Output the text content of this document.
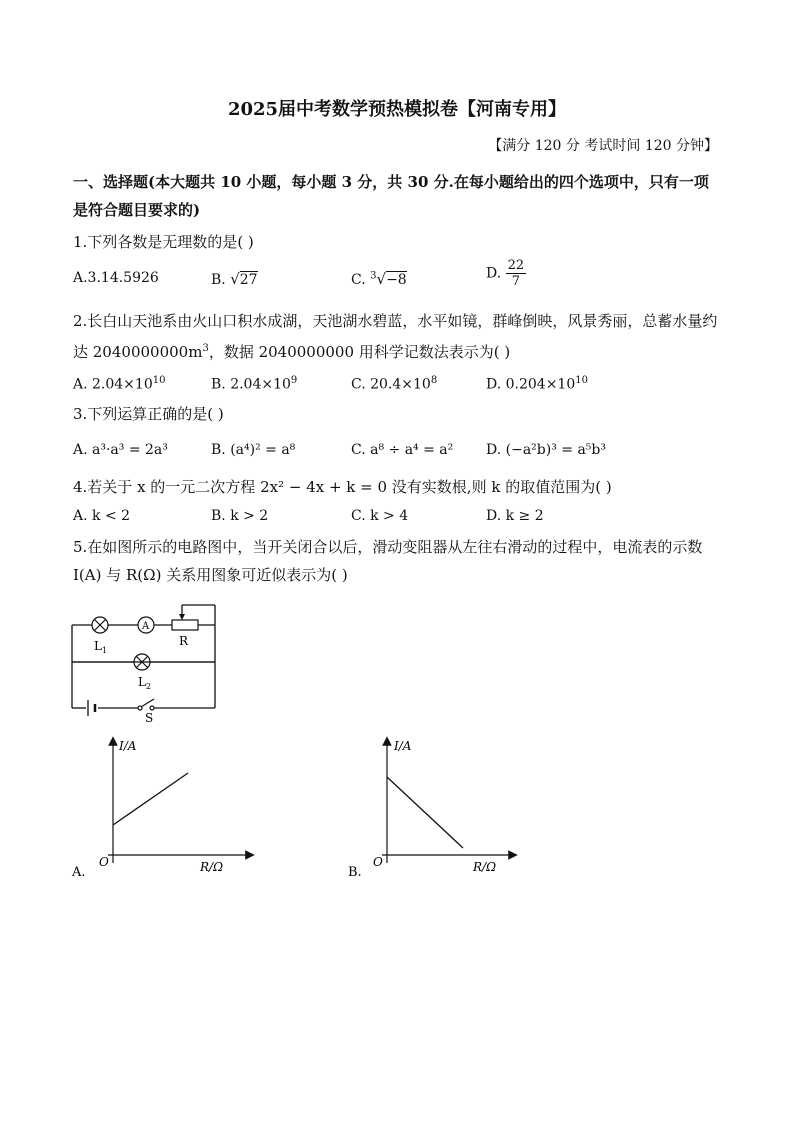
2025届中考数学预热模拟卷【河南专用】
【满分 120 分 考试时间 120 分钟】
一、选择题(本大题共 10 小题，每小题 3 分，共 30 分.在每小题给出的四个选项中，只有一项是符合题目要求的)
1.下列各数是无理数的是( )
A.3.14.5926	B. √27	C. $^3$√−8	D. $\frac{22}{7}$
2.长白山天池系由火山口积水成湖，天池湖水碧蓝，水平如镜，群峰倒映，风景秀丽，总蓄水量约达 $2040000000m^3$，数据 2040000000 用科学记数法表示为( )
A. $2.04\times 10^{10}$	B. $2.04\times 10^9$	C. $20.4\times 10^8$	D. $0.204\times 10^{10}$
3.下列运算正确的是( )
A. a³·a³ = 2a³	B. (a⁴)² = a⁸	C. a⁸ ÷ a⁴ = a² D. (−a²b)³ = a⁵b³
4.若关于 x 的一元二次方程 2x² − 4x + k = 0 没有实数根,则 k 的取值范围为( )
A. k < 2	B. k > 2	C. k > 4	D. k ≥ 2
5.在如图所示的电路图中，当开关闭合以后，滑动变阻器从左往右滑动的过程中，电流表的示数 I(A) 与 R(Ω) 关系用图象可近似表示为( )
$L_1$
A
R
$L_2$
S
I/A
R/Ω
O
A.
I/A
R/Ω
O
B.
